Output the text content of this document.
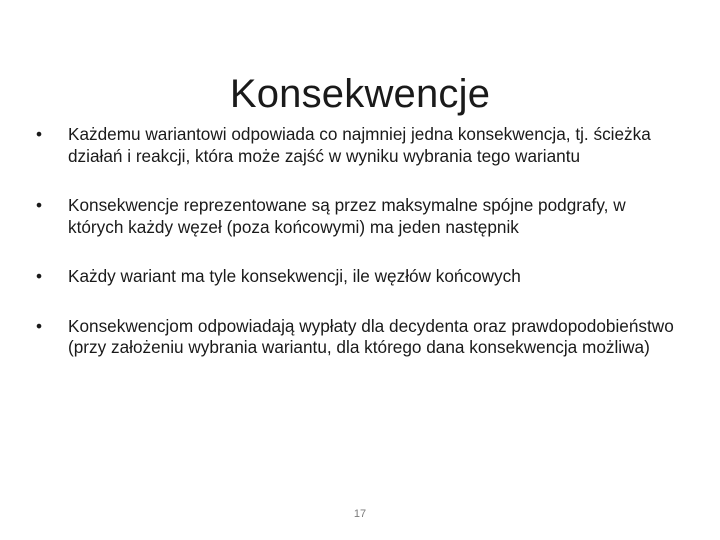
Konsekwencje
•	Każdemu wariantowi odpowiada co najmniej jedna konsekwencja, tj. ścieżka działań i reakcji, która może zajść w wyniku wybrania tego wariantu
•	Konsekwencje reprezentowane są przez maksymalne spójne podgrafy, w których każdy węzeł (poza końcowymi) ma jeden następnik
•	Każdy wariant ma tyle konsekwencji, ile węzłów końcowych
•	Konsekwencjom odpowiadają wypłaty dla decydenta oraz prawdopodobieństwo (przy założeniu wybrania wariantu, dla którego dana konsekwencja możliwa)
17
